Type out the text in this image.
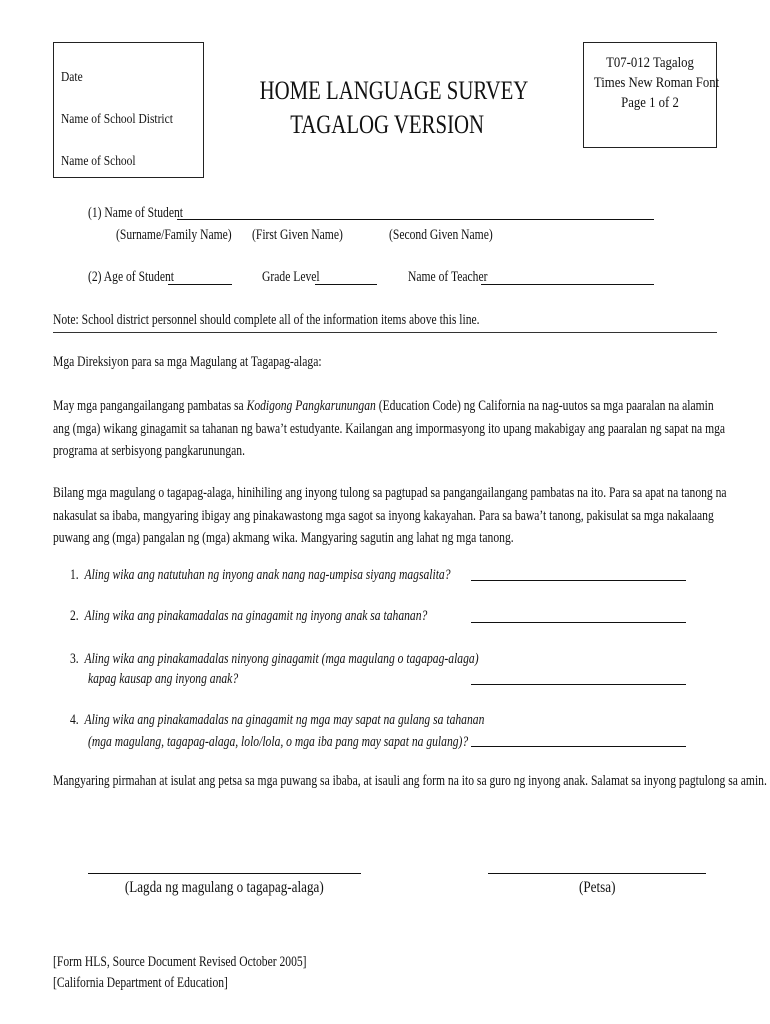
Date
Name of School District
Name of School
HOME LANGUAGE SURVEY
TAGALOG VERSION
T07-012 Tagalog
Times New Roman Font
Page 1 of 2
(1) Name of Student
(Surname/Family Name)	(First Given Name)	(Second Given Name)
(2) Age of Student	Grade Level	Name of Teacher
Note: School district personnel should complete all of the information items above this line.
Mga Direksiyon para sa mga Magulang at Tagapag-alaga:
May mga pangangailangang pambatas sa Kodigong Pangkarunungan (Education Code) ng California na nag-uutos sa mga paaralan na alamin ang (mga) wikang ginagamit sa tahanan ng bawa’t estudyante. Kailangan ang impormasyong ito upang makabigay ang paaralan ng sapat na mga programa at serbisyong pangkarunungan.
Bilang mga magulang o tagapag-alaga, hinihiling ang inyong tulong sa pagtupad sa pangangailangang pambatas na ito. Para sa apat na tanong na nakasulat sa ibaba, mangyaring ibigay ang pinakawastong mga sagot sa inyong kakayahan. Para sa bawa’t tanong, pakisulat sa mga nakalaang puwang ang (mga) pangalan ng (mga) akmang wika. Mangyaring sagutin ang lahat ng mga tanong.
1. Aling wika ang natutuhan ng inyong anak nang nag-umpisa siyang magsalita?
2. Aling wika ang pinakamadalas na ginagamit ng inyong anak sa tahanan?
3. Aling wika ang pinakamadalas ninyong ginagamit (mga magulang o tagapag-alaga)
kapag kausap ang inyong anak?
4. Aling wika ang pinakamadalas na ginagamit ng mga may sapat na gulang sa tahanan
(mga magulang, tagapag-alaga, lolo/lola, o mga iba pang may sapat na gulang)?
Mangyaring pirmahan at isulat ang petsa sa mga puwang sa ibaba, at isauli ang form na ito sa guro ng inyong anak. Salamat sa inyong pagtulong sa amin.
(Lagda ng magulang o tagapag-alaga)	(Petsa)
[Form HLS, Source Document Revised October 2005]
[California Department of Education]
